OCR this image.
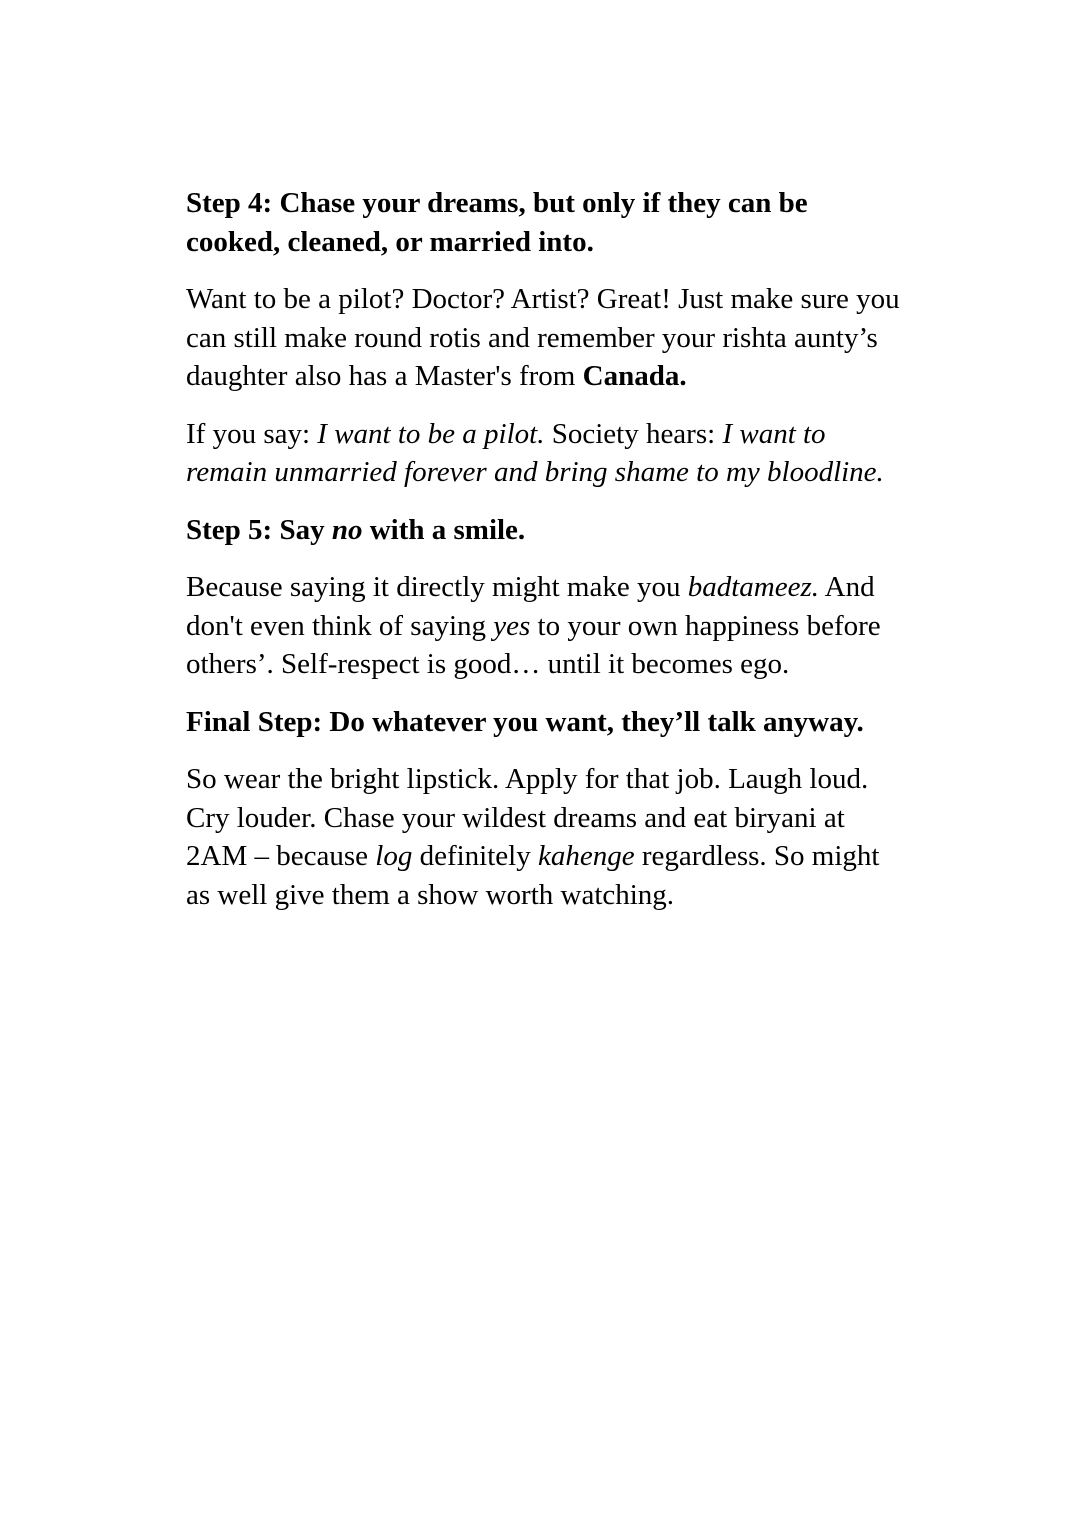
Step 4: Chase your dreams, but only if they can be cooked, cleaned, or married into.

Want to be a pilot? Doctor? Artist? Great! Just make sure you can still make round rotis and remember your rishta aunty’s daughter also has a Master's from Canada.

If you say: I want to be a pilot. Society hears: I want to remain unmarried forever and bring shame to my bloodline.

Step 5: Say no with a smile.

Because saying it directly might make you badtameez. And don't even think of saying yes to your own happiness before others’. Self-respect is good… until it becomes ego.

Final Step: Do whatever you want, they’ll talk anyway.

So wear the bright lipstick. Apply for that job. Laugh loud. Cry louder. Chase your wildest dreams and eat biryani at 2AM – because log definitely kahenge regardless. So might as well give them a show worth watching.
